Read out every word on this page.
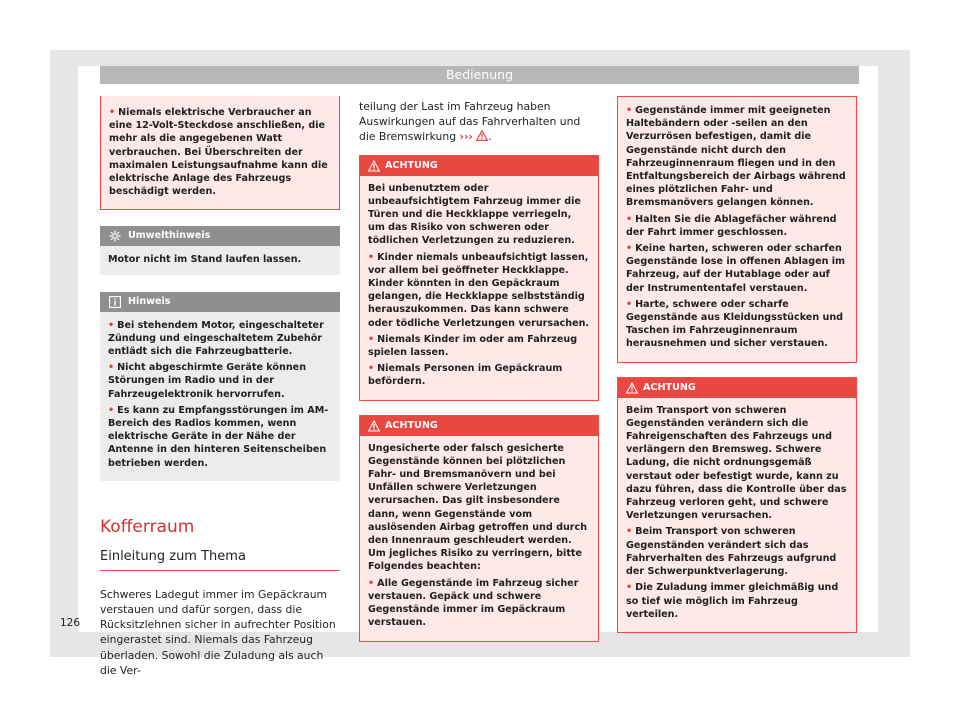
Bedienung
• Niemals elektrische Verbraucher an eine 12-Volt-Steckdose anschließen, die mehr als die angegebenen Watt verbrauchen. Bei Überschreiten der maximalen Leistungsaufnahme kann die elektrische Anlage des Fahrzeugs beschädigt werden.
Umwelthinweis
Motor nicht im Stand laufen lassen.
Hinweis
• Bei stehendem Motor, eingeschalteter Zündung und eingeschaltetem Zubehör entlädt sich die Fahrzeugbatterie.
• Nicht abgeschirmte Geräte können Störungen im Radio und in der Fahrzeugelektronik hervorrufen.
• Es kann zu Empfangsstörungen im AM-Bereich des Radios kommen, wenn elektrische Geräte in der Nähe der Antenne in den hinteren Seitenscheiben betrieben werden.
Kofferraum
Einleitung zum Thema
Schweres Ladegut immer im Gepäckraum verstauen und dafür sorgen, dass die Rücksitzlehnen sicher in aufrechter Position eingerastet sind. Niemals das Fahrzeug überladen. Sowohl die Zuladung als auch die Ver-
teilung der Last im Fahrzeug haben Auswirkungen auf das Fahrverhalten und die Bremswirkung ››› .
ACHTUNG

Bei unbenutztem oder unbeaufsichtigtem Fahrzeug immer die Türen und die Heckklappe verriegeln, um das Risiko von schweren oder tödlichen Verletzungen zu reduzieren.

• Kinder niemals unbeaufsichtigt lassen, vor allem bei geöffneter Heckklappe. Kinder könnten in den Gepäckraum gelangen, die Heckklappe selbstständig herauszukommen. Das kann schwere oder tödliche Verletzungen verursachen.
• Niemals Kinder im oder am Fahrzeug spielen lassen.
• Niemals Personen im Gepäckraum befördern.
ACHTUNG

Ungesicherte oder falsch gesicherte Gegenstände können bei plötzlichen Fahr- und Bremsmanövern und bei Unfällen schwere Verletzungen verursachen. Das gilt insbesondere dann, wenn Gegenstände vom auslösenden Airbag getroffen und durch den Innenraum geschleudert werden. Um jegliches Risiko zu verringern, bitte Folgendes beachten:

• Alle Gegenstände im Fahrzeug sicher verstauen. Gepäck und schwere Gegenstände immer im Gepäckraum verstauen.
• Gegenstände immer mit geeigneten Haltebändern oder -seilen an den Verzurrösen befestigen, damit die Gegenstände nicht durch den Fahrzeuginnenraum fliegen und in den Entfaltungsbereich der Airbags während eines plötzlichen Fahr- und Bremsmanövers gelangen können.
• Halten Sie die Ablagefächer während der Fahrt immer geschlossen.
• Keine harten, schweren oder scharfen Gegenstände lose in offenen Ablagen im Fahrzeug, auf der Hutablage oder auf der Instrumententafel verstauen.
• Harte, schwere oder scharfe Gegenstände aus Kleidungsstücken und Taschen im Fahrzeuginnenraum herausnehmen und sicher verstauen.
ACHTUNG

Beim Transport von schweren Gegenständen verändern sich die Fahreigenschaften des Fahrzeugs und verlängern den Bremsweg. Schwere Ladung, die nicht ordnungsgemäß verstaut oder befestigt wurde, kann zu dazu führen, dass die Kontrolle über das Fahrzeug verloren geht, und schwere Verletzungen verursachen.

• Beim Transport von schweren Gegenständen verändert sich das Fahrverhalten des Fahrzeugs aufgrund der Schwerpunktverlagerung.
• Die Zuladung immer gleichmäßig und so tief wie möglich im Fahrzeug verteilen.
126
